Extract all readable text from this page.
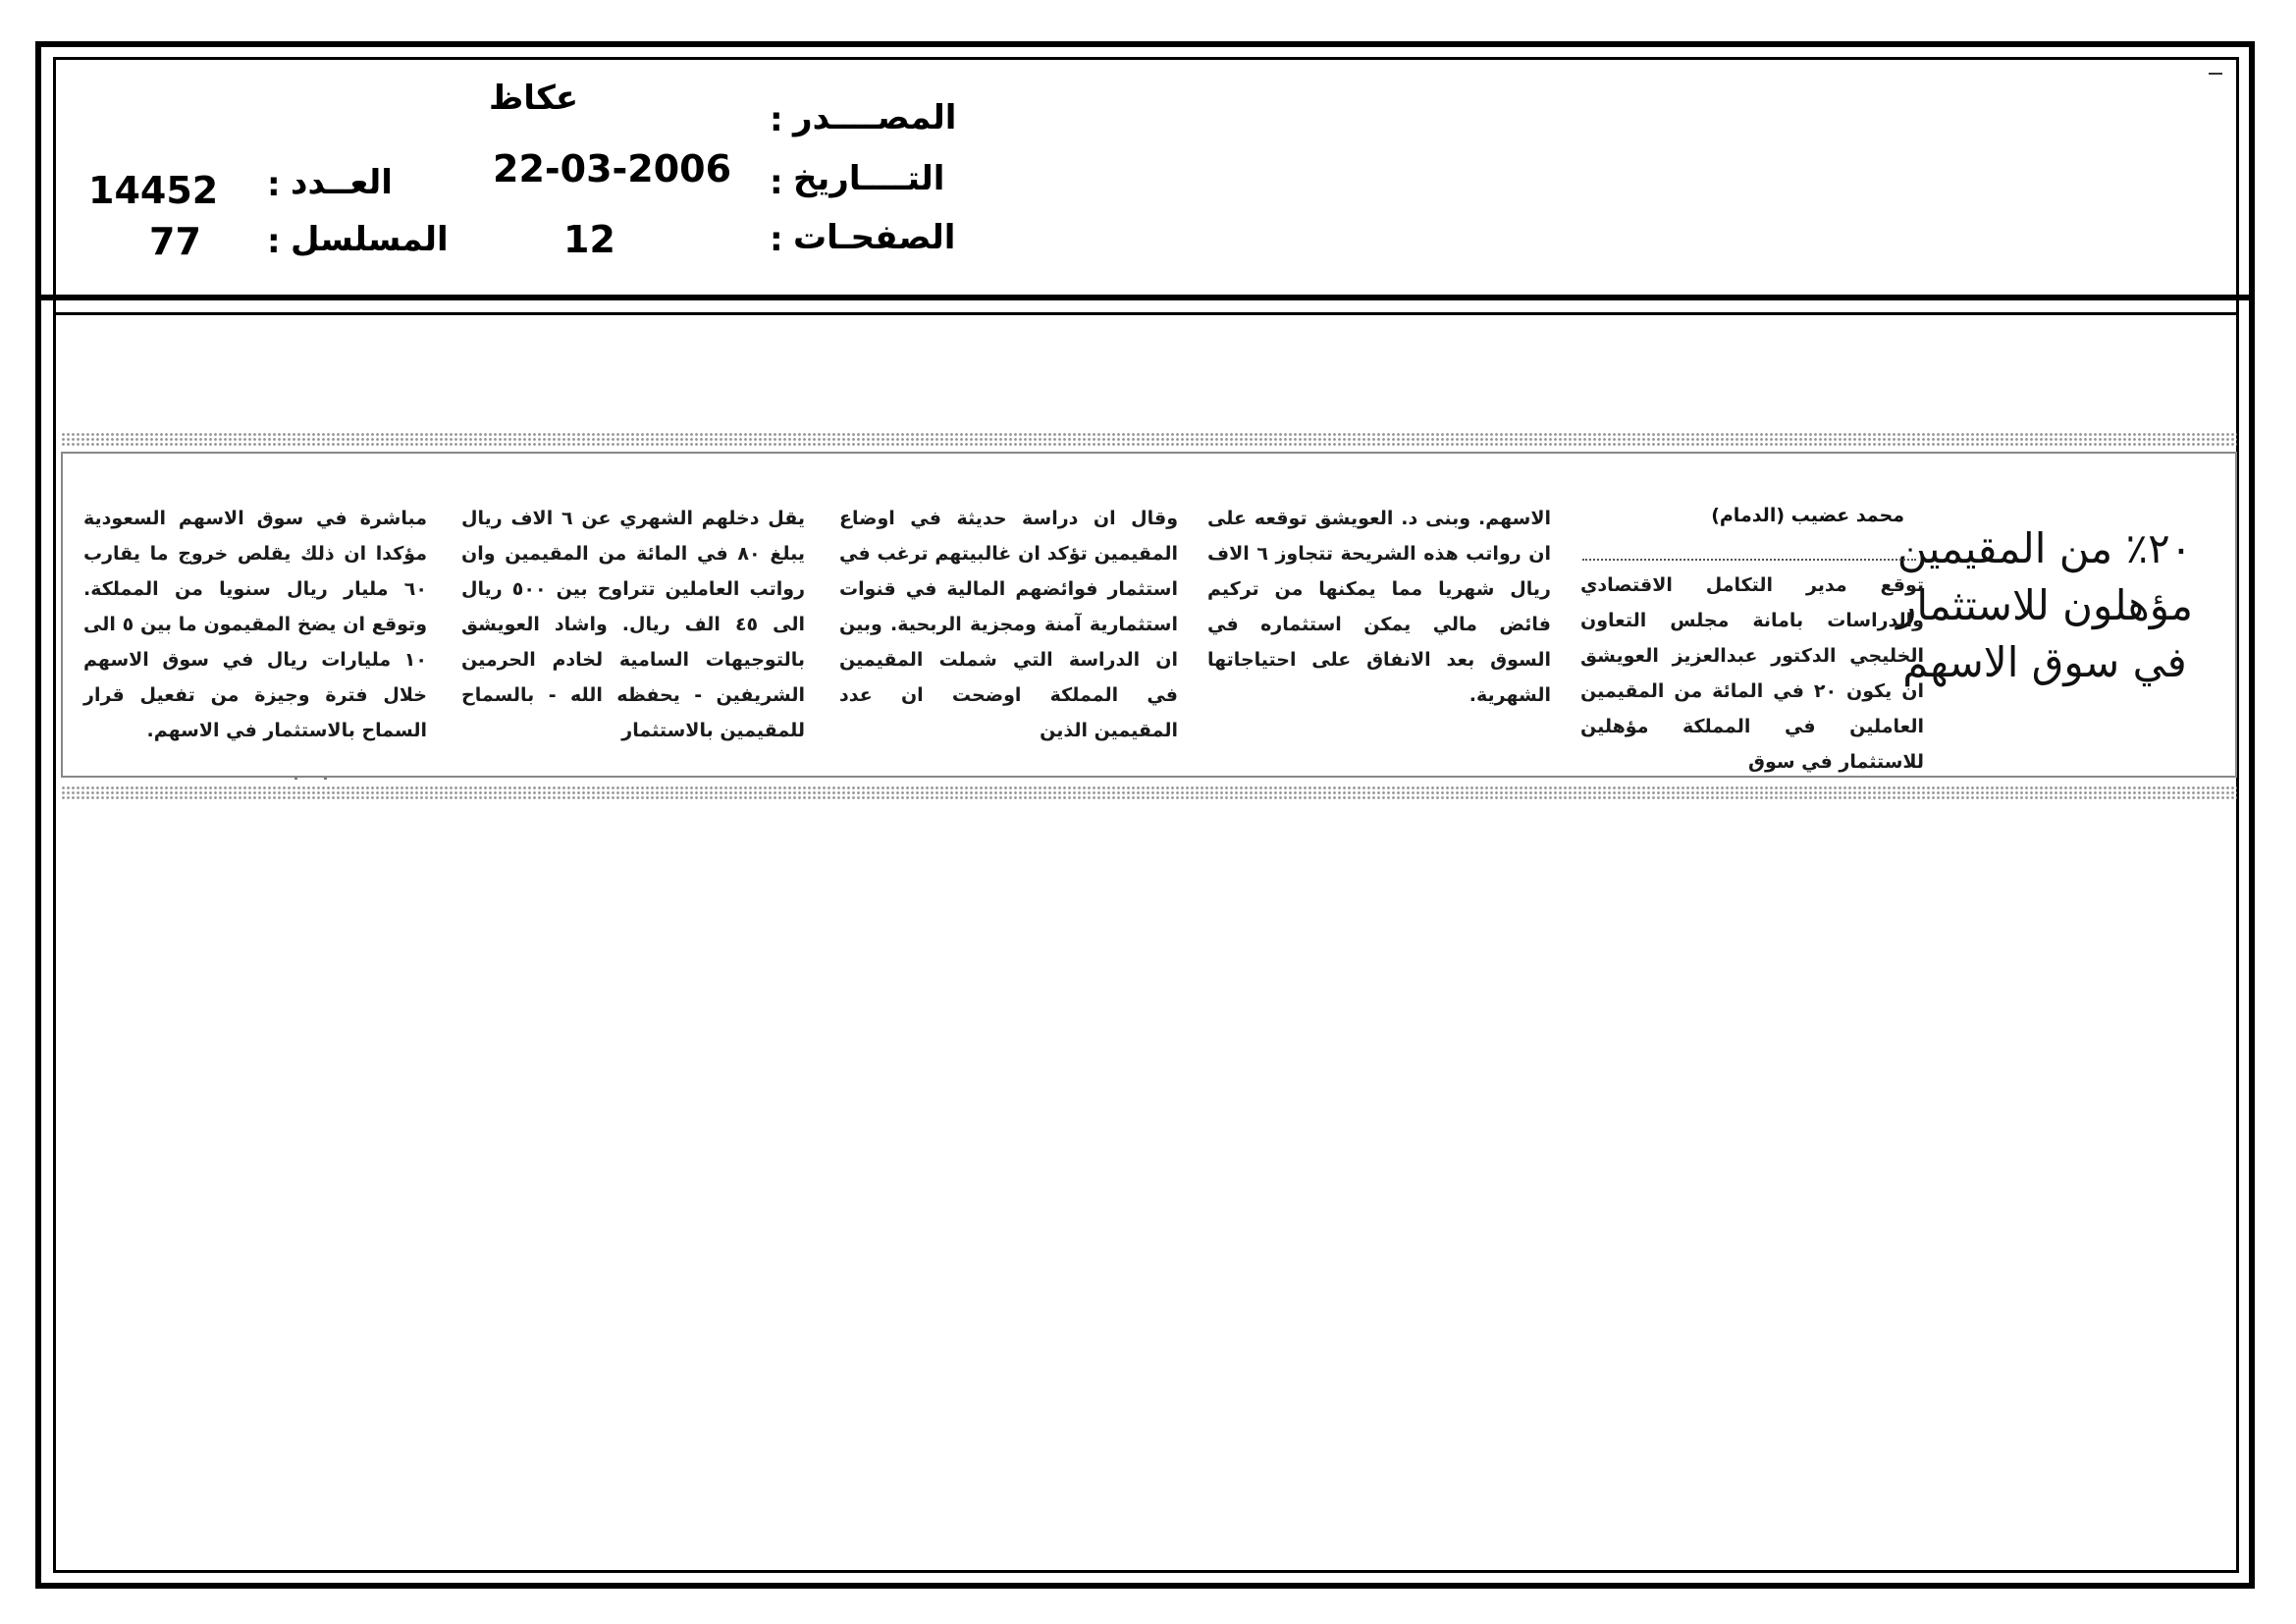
المصــــدر
:
عكاظ
التــــاريخ
:
22-03-2006
الصفحـات
:
12
العــدد
:
14452
المسلسل
:
77
٢٠٪ من المقيمين
مؤهلون للاستثمار
في سوق الاسهم
محمد عضيب (الدمام)

توقع مدير التكامل الاقتصادي والدراسات بامانة مجلس التعاون الخليجي الدكتور عبدالعزيز العويشق ان يكون ٢٠ في المائة من المقيمين العاملين في المملكة مؤهلين للاستثمار في سوق

الاسهم. وبنى د. العويشق توقعه على ان رواتب هذه الشريحة تتجاوز ٦ الاف ريال شهريا مما يمكنها من تركيم فائض مالي يمكن استثماره في السوق بعد الانفاق على احتياجاتها الشهرية.

وقال ان دراسة حديثة في اوضاع المقيمين تؤكد ان غالبيتهم ترغب في استثمار فوائضهم المالية في قنوات استثمارية آمنة ومجزية الربحية. وبين ان الدراسة التي شملت المقيمين في المملكة اوضحت ان عدد المقيمين الذين

يقل دخلهم الشهري عن ٦ الاف ريال يبلغ ٨٠ في المائة من المقيمين وان رواتب العاملين تتراوح بين ٥٠٠ ريال الى ٤٥ الف ريال. واشاد العويشق بالتوجيهات السامية لخادم الحرمين الشريفين - يحفظه الله - بالسماح للمقيمين بالاستثمار

مباشرة في سوق الاسهم السعودية مؤكدا ان ذلك يقلص خروج ما يقارب ٦٠ مليار ريال سنويا من المملكة. وتوقع ان يضخ المقيمون ما بين ٥ الى ١٠ مليارات ريال في سوق الاسهم خلال فترة وجيزة من تفعيل قرار السماح بالاستثمار في الاسهم.
